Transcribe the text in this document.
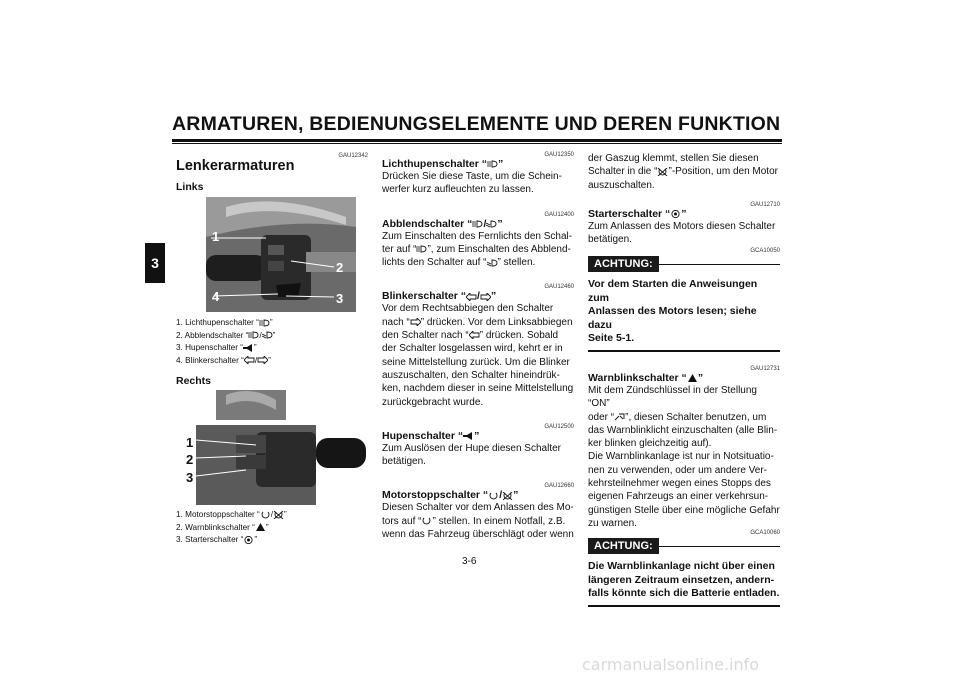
ARMATUREN, BEDIENUNGSELEMENTE UND DEREN FUNKTION
3
GAU12342
Lenkerarmaturen
Links
1
2
3
4
1. Lichthupenschalter “ ”
2. Abblendschalter “ / ”
3. Hupenschalter “ ”
4. Blinkerschalter “ / ”
Rechts
1
2
3
1. Motorstoppschalter “ / ”
2. Warnblinkschalter “ ”
3. Starterschalter “ ”
GAU12350
Lichthupenschalter “ ”
Drücken Sie diese Taste, um die Schein-
werfer kurz aufleuchten zu lassen.
GAU12400
Abblendschalter “ / ”
Zum Einschalten des Fernlichts den Schal-
ter auf “ ”, zum Einschalten des Abblend-
lichts den Schalter auf “ ” stellen.
GAU12460
Blinkerschalter “ / ”
Vor dem Rechtsabbiegen den Schalter
nach “ ” drücken. Vor dem Linksabbiegen
den Schalter nach “ ” drücken. Sobald
der Schalter losgelassen wird, kehrt er in
seine Mittelstellung zurück. Um die Blinker
auszuschalten, den Schalter hineindrük-
ken, nachdem dieser in seine Mittelstellung
zurückgebracht wurde.
GAU12500
Hupenschalter “ ”
Zum Auslösen der Hupe diesen Schalter
betätigen.
GAU12660
Motorstoppschalter “ / ”
Diesen Schalter vor dem Anlassen des Mo-
tors auf “ ” stellen. In einem Notfall, z.B.
wenn das Fahrzeug überschlägt oder wenn
der Gaszug klemmt, stellen Sie diesen
Schalter in die “ ”-Position, um den Motor
auszuschalten.
GAU12710
Starterschalter “ ”
Zum Anlassen des Motors diesen Schalter
betätigen.
GCA10050
ACHTUNG:
Vor dem Starten die Anweisungen zum
Anlassen des Motors lesen; siehe dazu
Seite 5-1.
GAU12731
Warnblinkschalter “ ”
Mit dem Zündschlüssel in der Stellung “ON”
oder “ ”, diesen Schalter benutzen, um
das Warnblinklicht einzuschalten (alle Blin-
ker blinken gleichzeitig auf).
Die Warnblinkanlage ist nur in Notsituatio-
nen zu verwenden, oder um andere Ver-
kehrsteilnehmer wegen eines Stopps des
eigenen Fahrzeugs an einer verkehrsun-
günstigen Stelle über eine mögliche Gefahr
zu warnen.
GCA10060
ACHTUNG:
Die Warnblinkanlage nicht über einen
längeren Zeitraum einsetzen, andern-
falls könnte sich die Batterie entladen.
3-6
carmanualsonline.info
